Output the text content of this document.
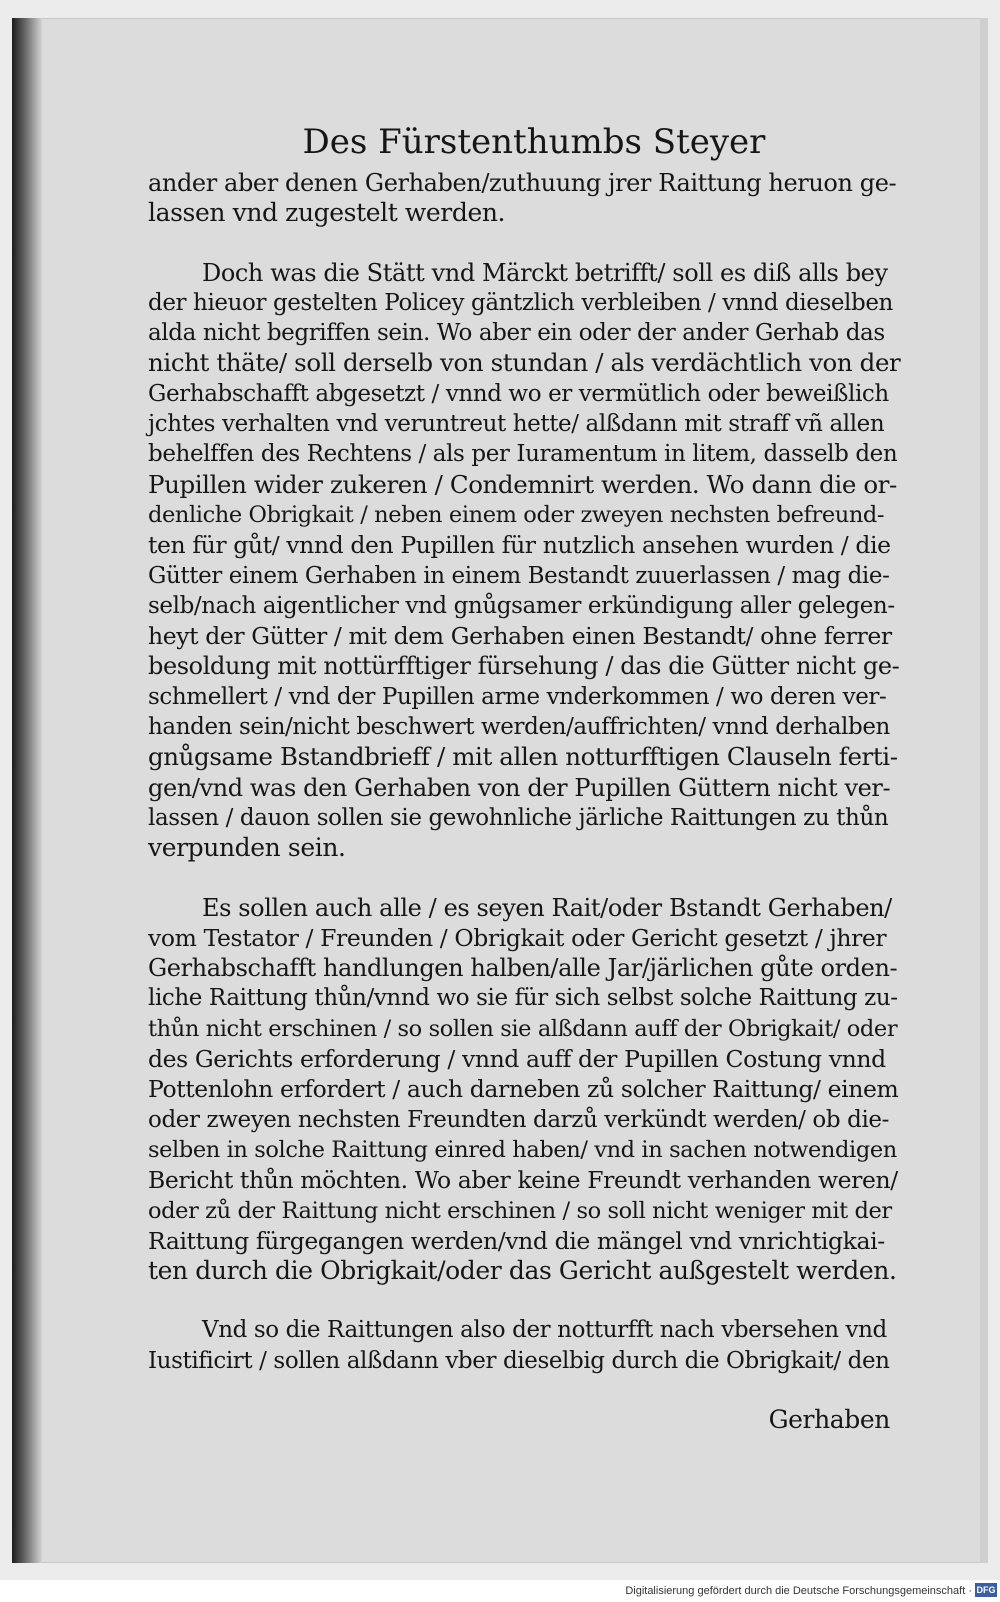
Des Fürstenthumbs Steyer
ander aber denen Gerhaben/zuthuung jrer Raittung heruon ge-
lassen vnd zugestelt werden.
Doch was die Stätt vnd Märckt betrifft/ soll es diß alls bey
der hieuor gestelten Policey gäntzlich verbleiben / vnnd dieselben
alda nicht begriffen sein. Wo aber ein oder der ander Gerhab das
nicht thäte/ soll derselb von stundan / als verdächtlich von der
Gerhabschafft abgesetzt / vnnd wo er vermütlich oder beweißlich
jchtes verhalten vnd veruntreut hette/ alßdann mit straff vñ allen
behelffen des Rechtens / als per Iuramentum in litem, dasselb den
Pupillen wider zukeren / Condemnirt werden. Wo dann die or-
denliche Obrigkait / neben einem oder zweyen nechsten befreund-
ten für gůt/ vnnd den Pupillen für nutzlich ansehen wurden / die
Gütter einem Gerhaben in einem Bestandt zuuerlassen / mag die-
selb/nach aigentlicher vnd gnůgsamer erkündigung aller gelegen-
heyt der Gütter / mit dem Gerhaben einen Bestandt/ ohne ferrer
besoldung mit nottürfftiger fürsehung / das die Gütter nicht ge-
schmellert / vnd der Pupillen arme vnderkommen / wo deren ver-
handen sein/nicht beschwert werden/auffrichten/ vnnd derhalben
gnůgsame Bstandbrieff / mit allen notturfftigen Clauseln ferti-
gen/vnd was den Gerhaben von der Pupillen Güttern nicht ver-
lassen / dauon sollen sie gewohnliche järliche Raittungen zu thůn
verpunden sein.
Es sollen auch alle / es seyen Rait/oder Bstandt Gerhaben/
vom Testator / Freunden / Obrigkait oder Gericht gesetzt / jhrer
Gerhabschafft handlungen halben/alle Jar/järlichen gůte orden-
liche Raittung thůn/vnnd wo sie für sich selbst solche Raittung zu-
thůn nicht erschinen / so sollen sie alßdann auff der Obrigkait/ oder
des Gerichts erforderung / vnnd auff der Pupillen Costung vnnd
Pottenlohn erfordert / auch darneben zů solcher Raittung/ einem
oder zweyen nechsten Freundten darzů verkündt werden/ ob die-
selben in solche Raittung einred haben/ vnd in sachen notwendigen
Bericht thůn möchten. Wo aber keine Freundt verhanden weren/
oder zů der Raittung nicht erschinen / so soll nicht weniger mit der
Raittung fürgegangen werden/vnd die mängel vnd vnrichtigkai-
ten durch die Obrigkait/oder das Gericht außgestelt werden.
Vnd so die Raittungen also der notturfft nach vbersehen vnd
Iustificirt / sollen alßdann vber dieselbig durch die Obrigkait/ den
Gerhaben
Digitalisierung gefördert durch die Deutsche Forschungsgemeinschaft · DFG
